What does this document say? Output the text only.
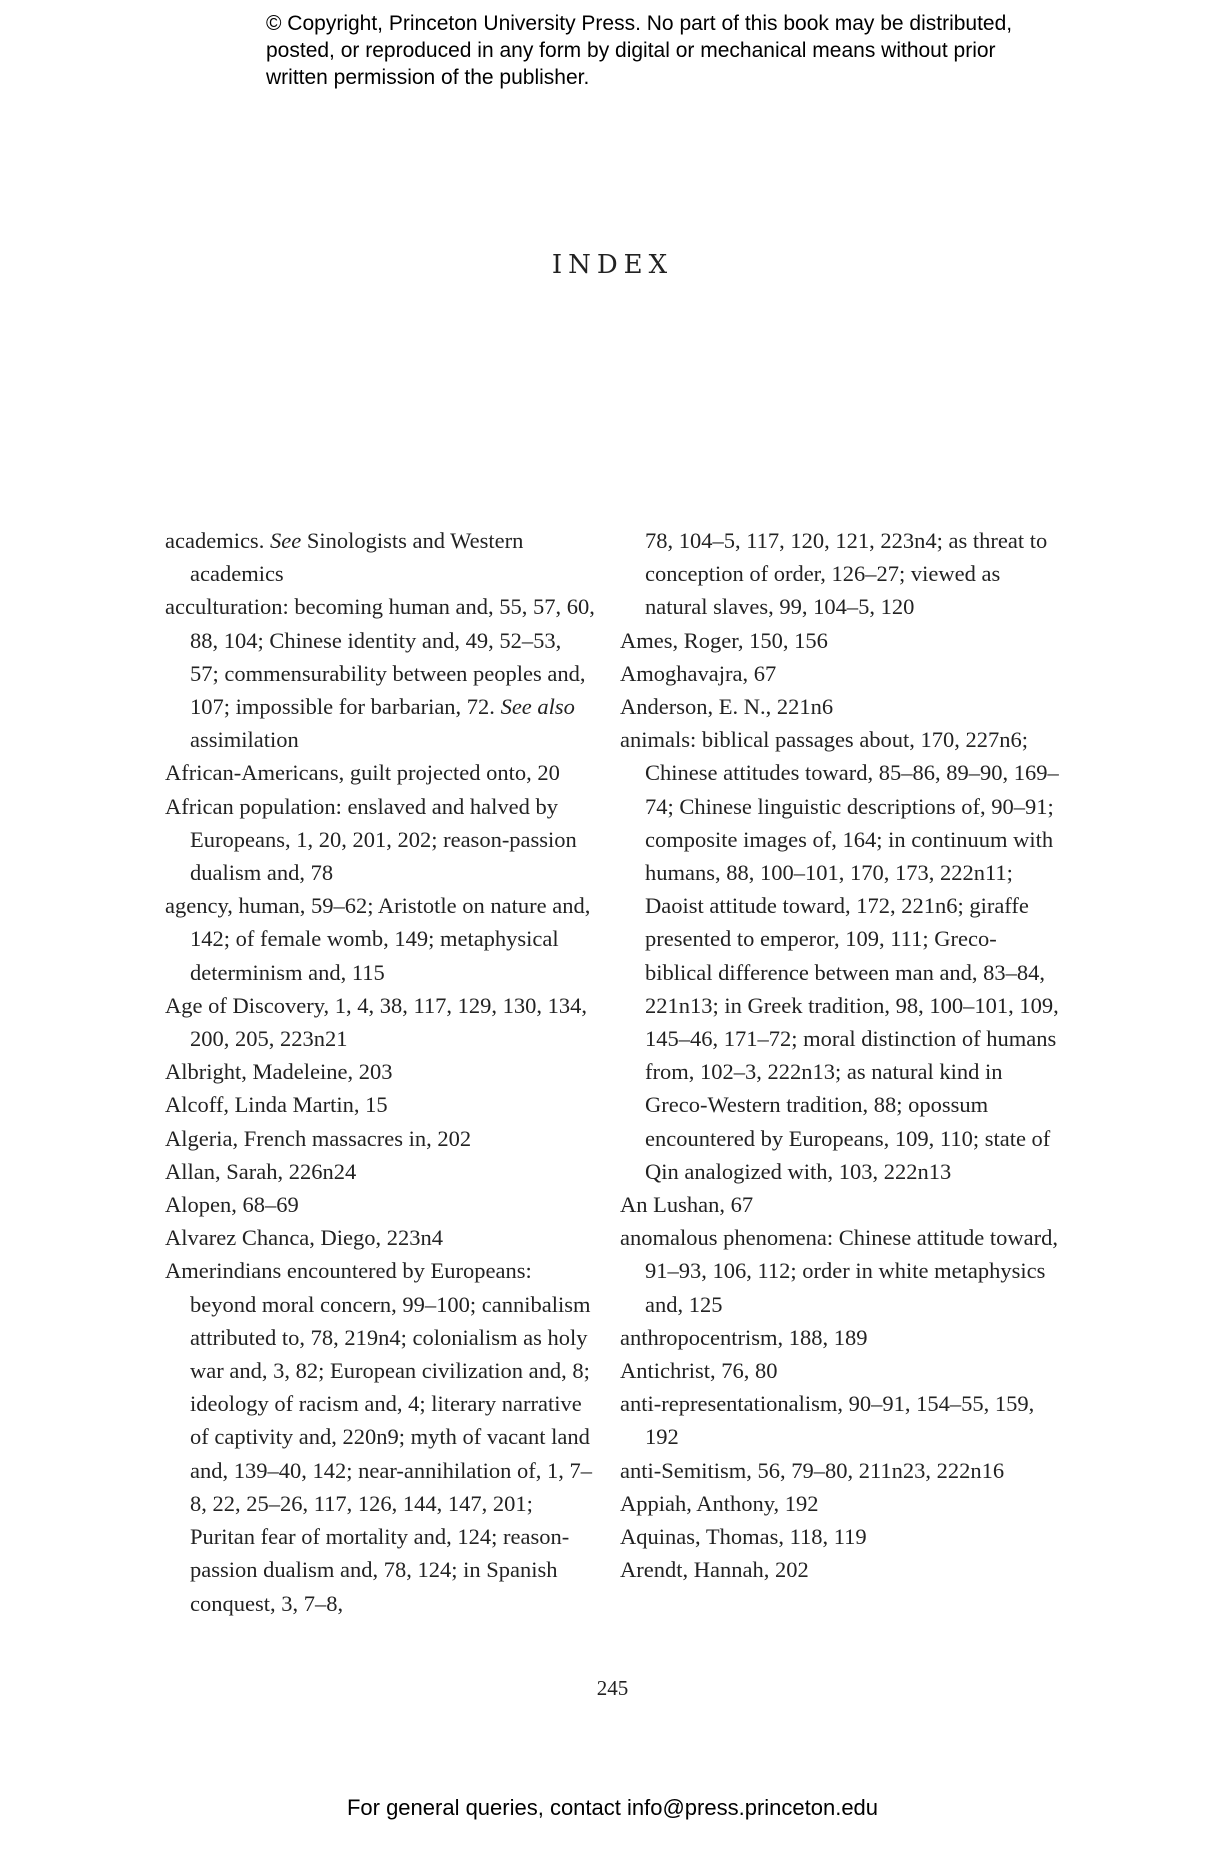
© Copyright, Princeton University Press. No part of this book may be distributed, posted, or reproduced in any form by digital or mechanical means without prior written permission of the publisher.
INDEX

academics. See Sinologists and Western academics

acculturation: becoming human and, 55, 57, 60, 88, 104; Chinese identity and, 49, 52–53, 57; commensurability between peoples and, 107; impossible for barbarian, 72. See also assimilation

African-Americans, guilt projected onto, 20

African population: enslaved and halved by Europeans, 1, 20, 201, 202; reason-passion dualism and, 78

agency, human, 59–62; Aristotle on nature and, 142; of female womb, 149; metaphysical determinism and, 115

Age of Discovery, 1, 4, 38, 117, 129, 130, 134, 200, 205, 223n21

Albright, Madeleine, 203

Alcoff, Linda Martin, 15

Algeria, French massacres in, 202

Allan, Sarah, 226n24

Alopen, 68–69

Alvarez Chanca, Diego, 223n4

Amerindians encountered by Europeans: beyond moral concern, 99–100; cannibalism attributed to, 78, 219n4; colonialism as holy war and, 3, 82; European civilization and, 8; ideology of racism and, 4; literary narrative of captivity and, 220n9; myth of vacant land and, 139–40, 142; near-annihilation of, 1, 7–8, 22, 25–26, 117, 126, 144, 147, 201; Puritan fear of mortality and, 124; reason-passion dualism and, 78, 124; in Spanish conquest, 3, 7–8,

78, 104–5, 117, 120, 121, 223n4; as threat to conception of order, 126–27; viewed as natural slaves, 99, 104–5, 120

Ames, Roger, 150, 156

Amoghavajra, 67

Anderson, E. N., 221n6

animals: biblical passages about, 170, 227n6; Chinese attitudes toward, 85–86, 89–90, 169–74; Chinese linguistic descriptions of, 90–91; composite images of, 164; in continuum with humans, 88, 100–101, 170, 173, 222n11; Daoist attitude toward, 172, 221n6; giraffe presented to emperor, 109, 111; Greco-biblical difference between man and, 83–84, 221n13; in Greek tradition, 98, 100–101, 109, 145–46, 171–72; moral distinction of humans from, 102–3, 222n13; as natural kind in Greco-Western tradition, 88; opossum encountered by Europeans, 109, 110; state of Qin analogized with, 103, 222n13

An Lushan, 67

anomalous phenomena: Chinese attitude toward, 91–93, 106, 112; order in white metaphysics and, 125

anthropocentrism, 188, 189

Antichrist, 76, 80

anti-representationalism, 90–91, 154–55, 159, 192

anti-Semitism, 56, 79–80, 211n23, 222n16

Appiah, Anthony, 192

Aquinas, Thomas, 118, 119

Arendt, Hannah, 202

245
For general queries, contact info@press.princeton.edu
